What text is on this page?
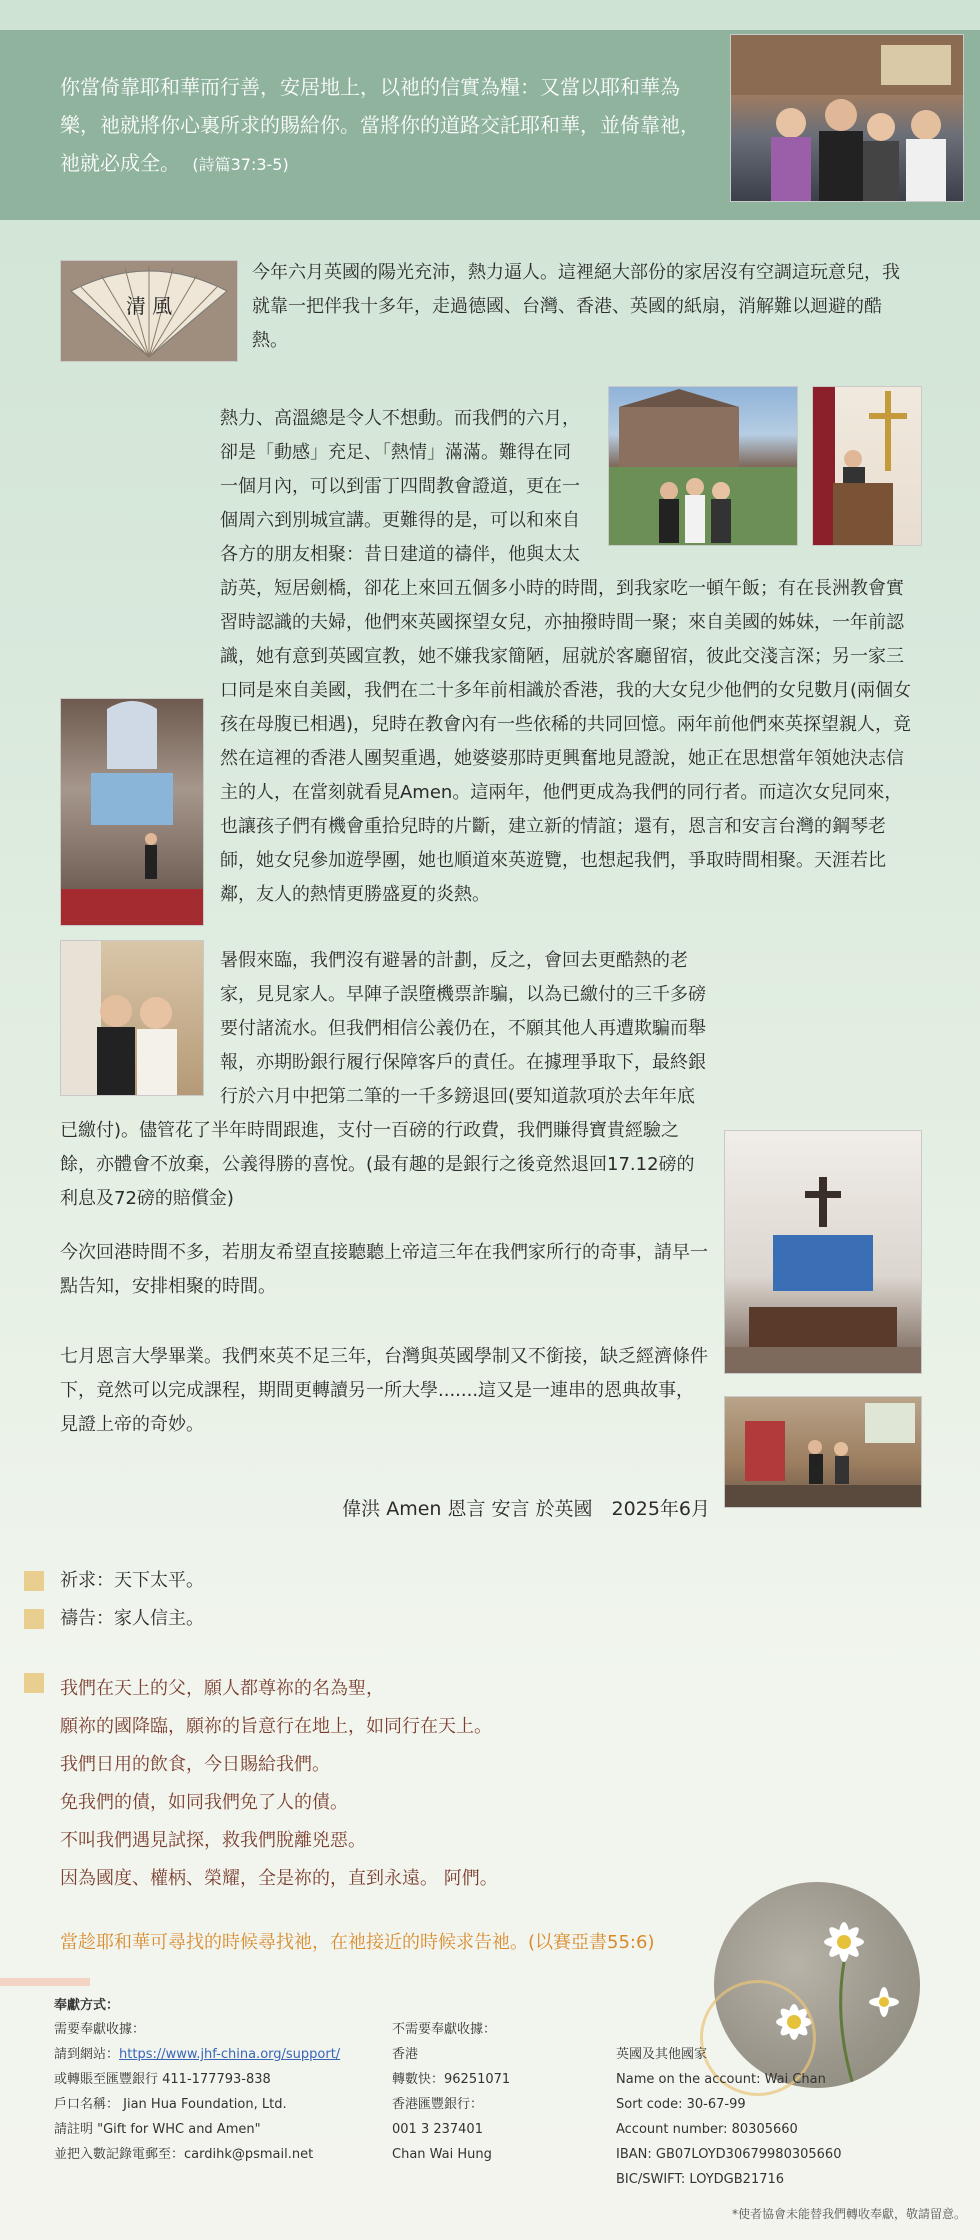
你當倚靠耶和華而行善，安居地上，以祂的信實為糧：又當以耶和華為樂，祂就將你心裏所求的賜給你。當將你的道路交託耶和華，並倚靠祂，祂就必成全。 (詩篇37:3-5)
清 風

今年六月英國的陽光充沛，熱力逼人。這裡絕大部份的家居沒有空調這玩意兒，我就靠一把伴我十多年，走過德國、台灣、香港、英國的紙扇，消解難以迴避的酷熱。

熱力、高溫總是令人不想動。而我們的六月，卻是「動感」充足、「熱情」滿滿。難得在同一個月內，可以到雷丁四間教會證道，更在一個周六到別城宣講。更難得的是，可以和來自各方的朋友相聚：昔日建道的禱伴，他與太太訪英，短居劍橋，卻花上來回五個多小時的時間，到我家吃一頓午飯；有在長洲教會實習時認識的夫婦，他們來英國探望女兒，亦抽撥時間一聚；來自美國的姊妹，一年前認識，她有意到英國宣教，她不嫌我家簡陋，屈就於客廳留宿，彼此交淺言深；另一家三口同是來自美國，我們在二十多年前相識於香港，我的大女兒少他們的女兒數月(兩個女孩在母腹已相遇)，兒時在教會內有一些依稀的共同回憶。兩年前他們來英探望親人，竟然在這裡的香港人團契重遇，她婆婆那時更興奮地見證說，她正在思想當年領她決志信主的人，在當刻就看見Amen。這兩年，他們更成為我們的同行者。而這次女兒同來，也讓孩子們有機會重拾兒時的片斷，建立新的情誼；還有，恩言和安言台灣的鋼琴老師，她女兒參加遊學團，她也順道來英遊覽，也想起我們，爭取時間相聚。天涯若比鄰，友人的熱情更勝盛夏的炎熱。

暑假來臨，我們沒有避暑的計劃，反之，會回去更酷熱的老家，見見家人。早陣子誤墮機票詐騙，以為已繳付的三千多磅要付諸流水。但我們相信公義仍在，不願其他人再遭欺騙而舉報，亦期盼銀行履行保障客戶的責任。在據理爭取下，最終銀行於六月中把第二筆的一千多鎊退回(要知道款項於去年年底已繳付)。儘管花了半年時間跟進，支付一百磅的行政費，我們賺得寶貴經驗之餘，亦體會不放棄，公義得勝的喜悅。(最有趣的是銀行之後竟然退回17.12磅的利息及72磅的賠償金)

今次回港時間不多，若朋友希望直接聽聽上帝這三年在我們家所行的奇事，請早一點告知，安排相聚的時間。

七月恩言大學畢業。我們來英不足三年，台灣與英國學制又不銜接，缺乏經濟條件下，竟然可以完成課程，期間更轉讀另一所大學.......這又是一連串的恩典故事，見證上帝的奇妙。

偉洪 Amen 恩言 安言 於英國　2025年6月
祈求：天下太平。
禱告：家人信主。
我們在天上的父，願人都尊祢的名為聖，
願祢的國降臨，願祢的旨意行在地上，如同行在天上。
我們日用的飲食，今日賜給我們。
免我們的債，如同我們免了人的債。
不叫我們遇見試探，救我們脫離兇惡。
因為國度、權柄、榮耀，全是祢的，直到永遠。 阿們。
當趁耶和華可尋找的時候尋找祂，在祂接近的時候求告祂。(以賽亞書55:6)
奉獻方式：
需要奉獻收據：
請到網站：https://www.jhf-china.org/support/
或轉賬至匯豐銀行 411-177793-838
戶口名稱： Jian Hua Foundation, Ltd.
請註明 "Gift for WHC and Amen"
並把入數記錄電郵至：cardihk@psmail.net
不需要奉獻收據：
香港
轉數快：96251071
香港匯豐銀行：
001 3 237401
Chan Wai Hung
英國及其他國家
Name on the account: Wai Chan
Sort code: 30-67-99
Account number: 80305660
IBAN: GB07LOYD30679980305660
BIC/SWIFT: LOYDGB21716
*使者協會未能替我們轉收奉獻，敬請留意。
